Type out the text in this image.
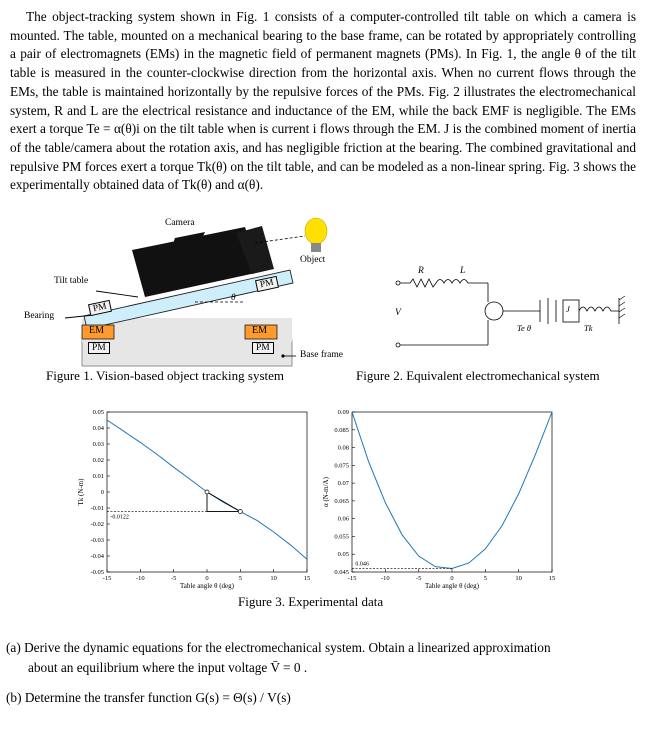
The object-tracking system shown in Fig. 1 consists of a computer-controlled tilt table on which a camera is mounted. The table, mounted on a mechanical bearing to the base frame, can be rotated by appropriately controlling a pair of electromagnets (EMs) in the magnetic field of permanent magnets (PMs). In Fig. 1, the angle θ of the tilt table is measured in the counter-clockwise direction from the horizontal axis. When no current flows through the EMs, the table is maintained horizontally by the repulsive forces of the PMs. Fig. 2 illustrates the electromechanical system, R and L are the electrical resistance and inductance of the EM, while the back EMF is negligible. The EMs exert a torque Te = α(θ)i on the tilt table when is current i flows through the EM. J is the combined moment of inertia of the table/camera about the rotation axis, and has negligible friction at the bearing. The combined gravitational and repulsive PM forces exert a torque Tk(θ) on the tilt table, and can be modeled as a non-linear spring. Fig. 3 shows the experimentally obtained data of Tk(θ) and α(θ).

Camera
Object
Tilt table
Bearing
PM
PM
EM	EM
PM	PM
θ
Base frame
Figure 1. Vision-based object tracking system
R	L
V	J
Te θ	Tk
Figure 2. Equivalent electromechanical system
-15	-10	-5	0	5	10	15
0.05
0.04
0.03
0.02
0.01
0
-0.01
-0.02
-0.03
-0.04
-0.05
Table angle θ (deg)
Tk (N-m)
-0.0122
-15	-10	-5	0	5	10	15
0.09
0.085
0.08
0.075
0.07
0.065
0.06
0.055
0.05
0.045
Table angle θ (deg)
α (N-m/A)
0.046
Figure 3. Experimental data
(a) Derive the dynamic equations for the electromechanical system. Obtain a linearized approximation
about an equilibrium where the input voltage V̄ = 0 .
(b) Determine the transfer function G(s) = Θ(s) / V(s)
